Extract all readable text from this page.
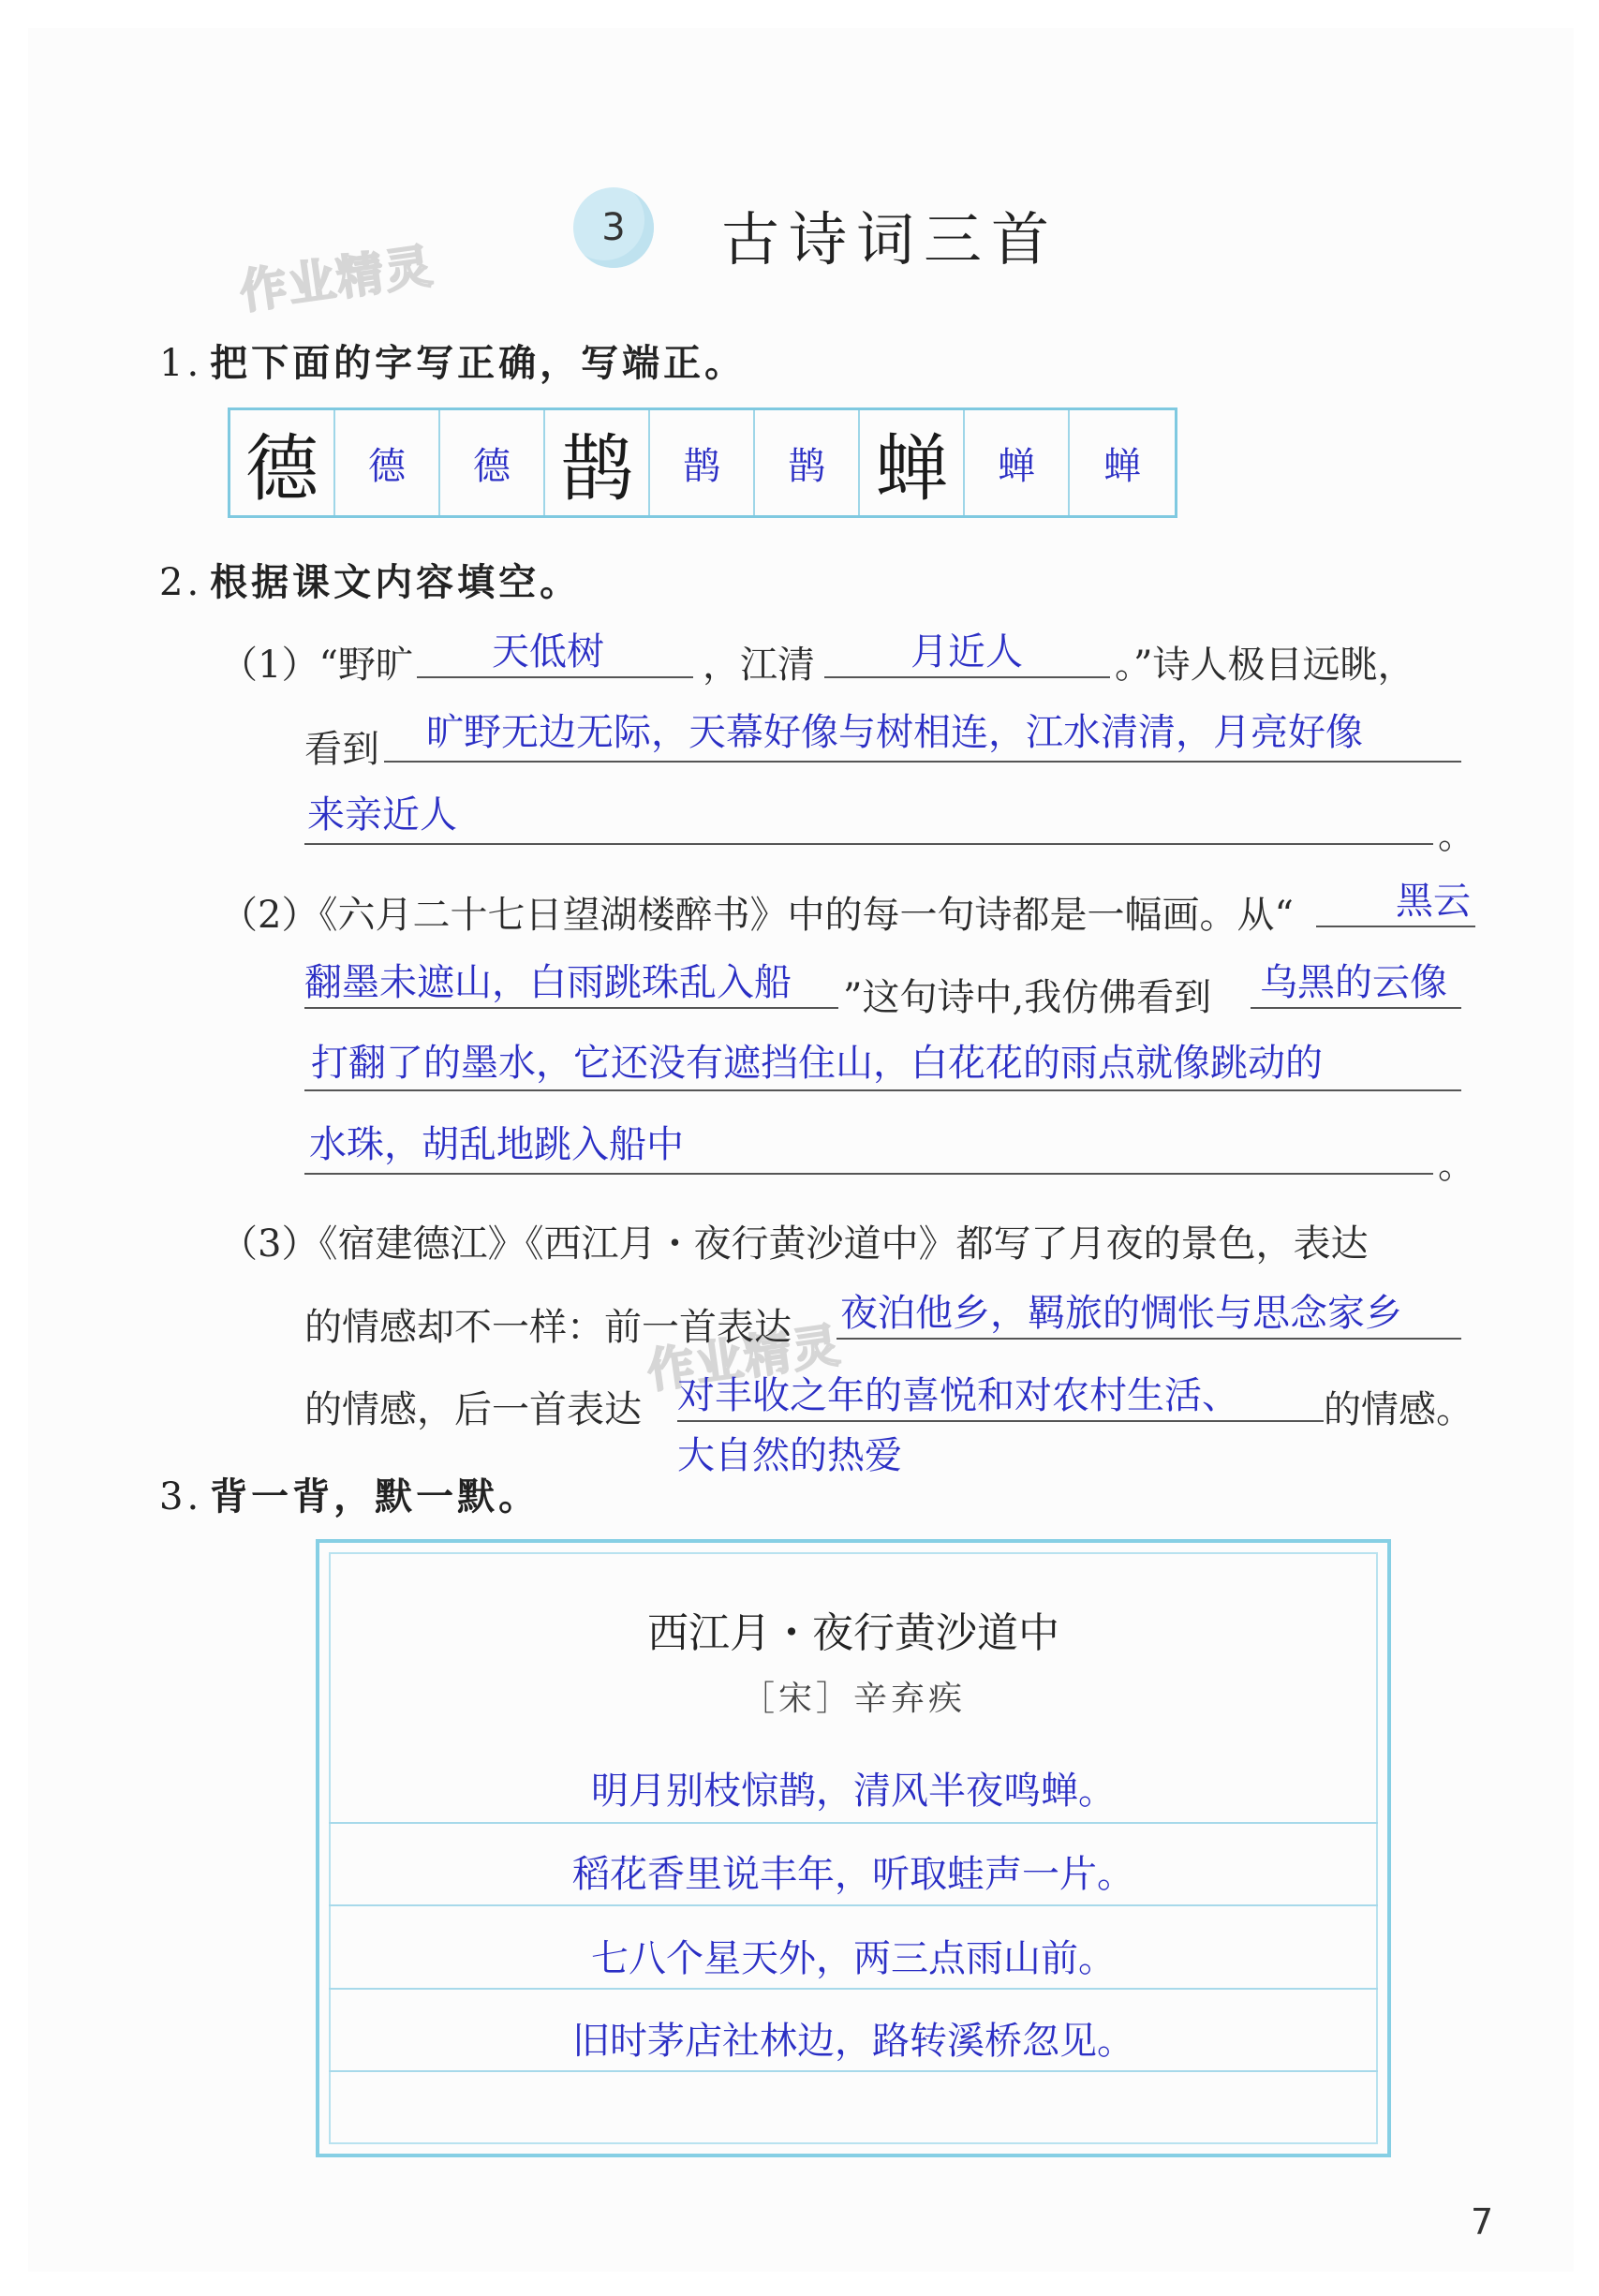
作业精灵
作业精灵
3	古诗词三首
1. 把下面的字写正确，写端正。
德	德	德 鹊	鹊	鹊 蝉	蝉	蝉
2. 根据课文内容填空。
（1）“野旷 天低树	，江清	月近人 。”诗人极目远眺，
看到 旷野无边无际，天幕好像与树相连，江水清清，月亮好像
来亲近人	。
（2）《六月二十七日望湖楼醉书》中的每一句诗都是一幅画。从“	黑云
翻墨未遮山，白雨跳珠乱入船 ”这句诗中,我仿佛看到 乌黑的云像
打翻了的墨水，它还没有遮挡住山，白花花的雨点就像跳动的
水珠，胡乱地跳入船中	。
（3）《宿建德江》《西江月・夜行黄沙道中》都写了月夜的景色，表达
的情感却不一样：前一首表达 夜泊他乡，羁旅的惆怅与思念家乡
的情感，后一首表达 对丰收之年的喜悦和对农村生活、 的情感。
大自然的热爱
3. 背一背，默一默。
西江月・夜行黄沙道中
［宋］辛弃疾
明月别枝惊鹊，清风半夜鸣蝉。
稻花香里说丰年，听取蛙声一片。
七八个星天外，两三点雨山前。
旧时茅店社林边，路转溪桥忽见。
7
